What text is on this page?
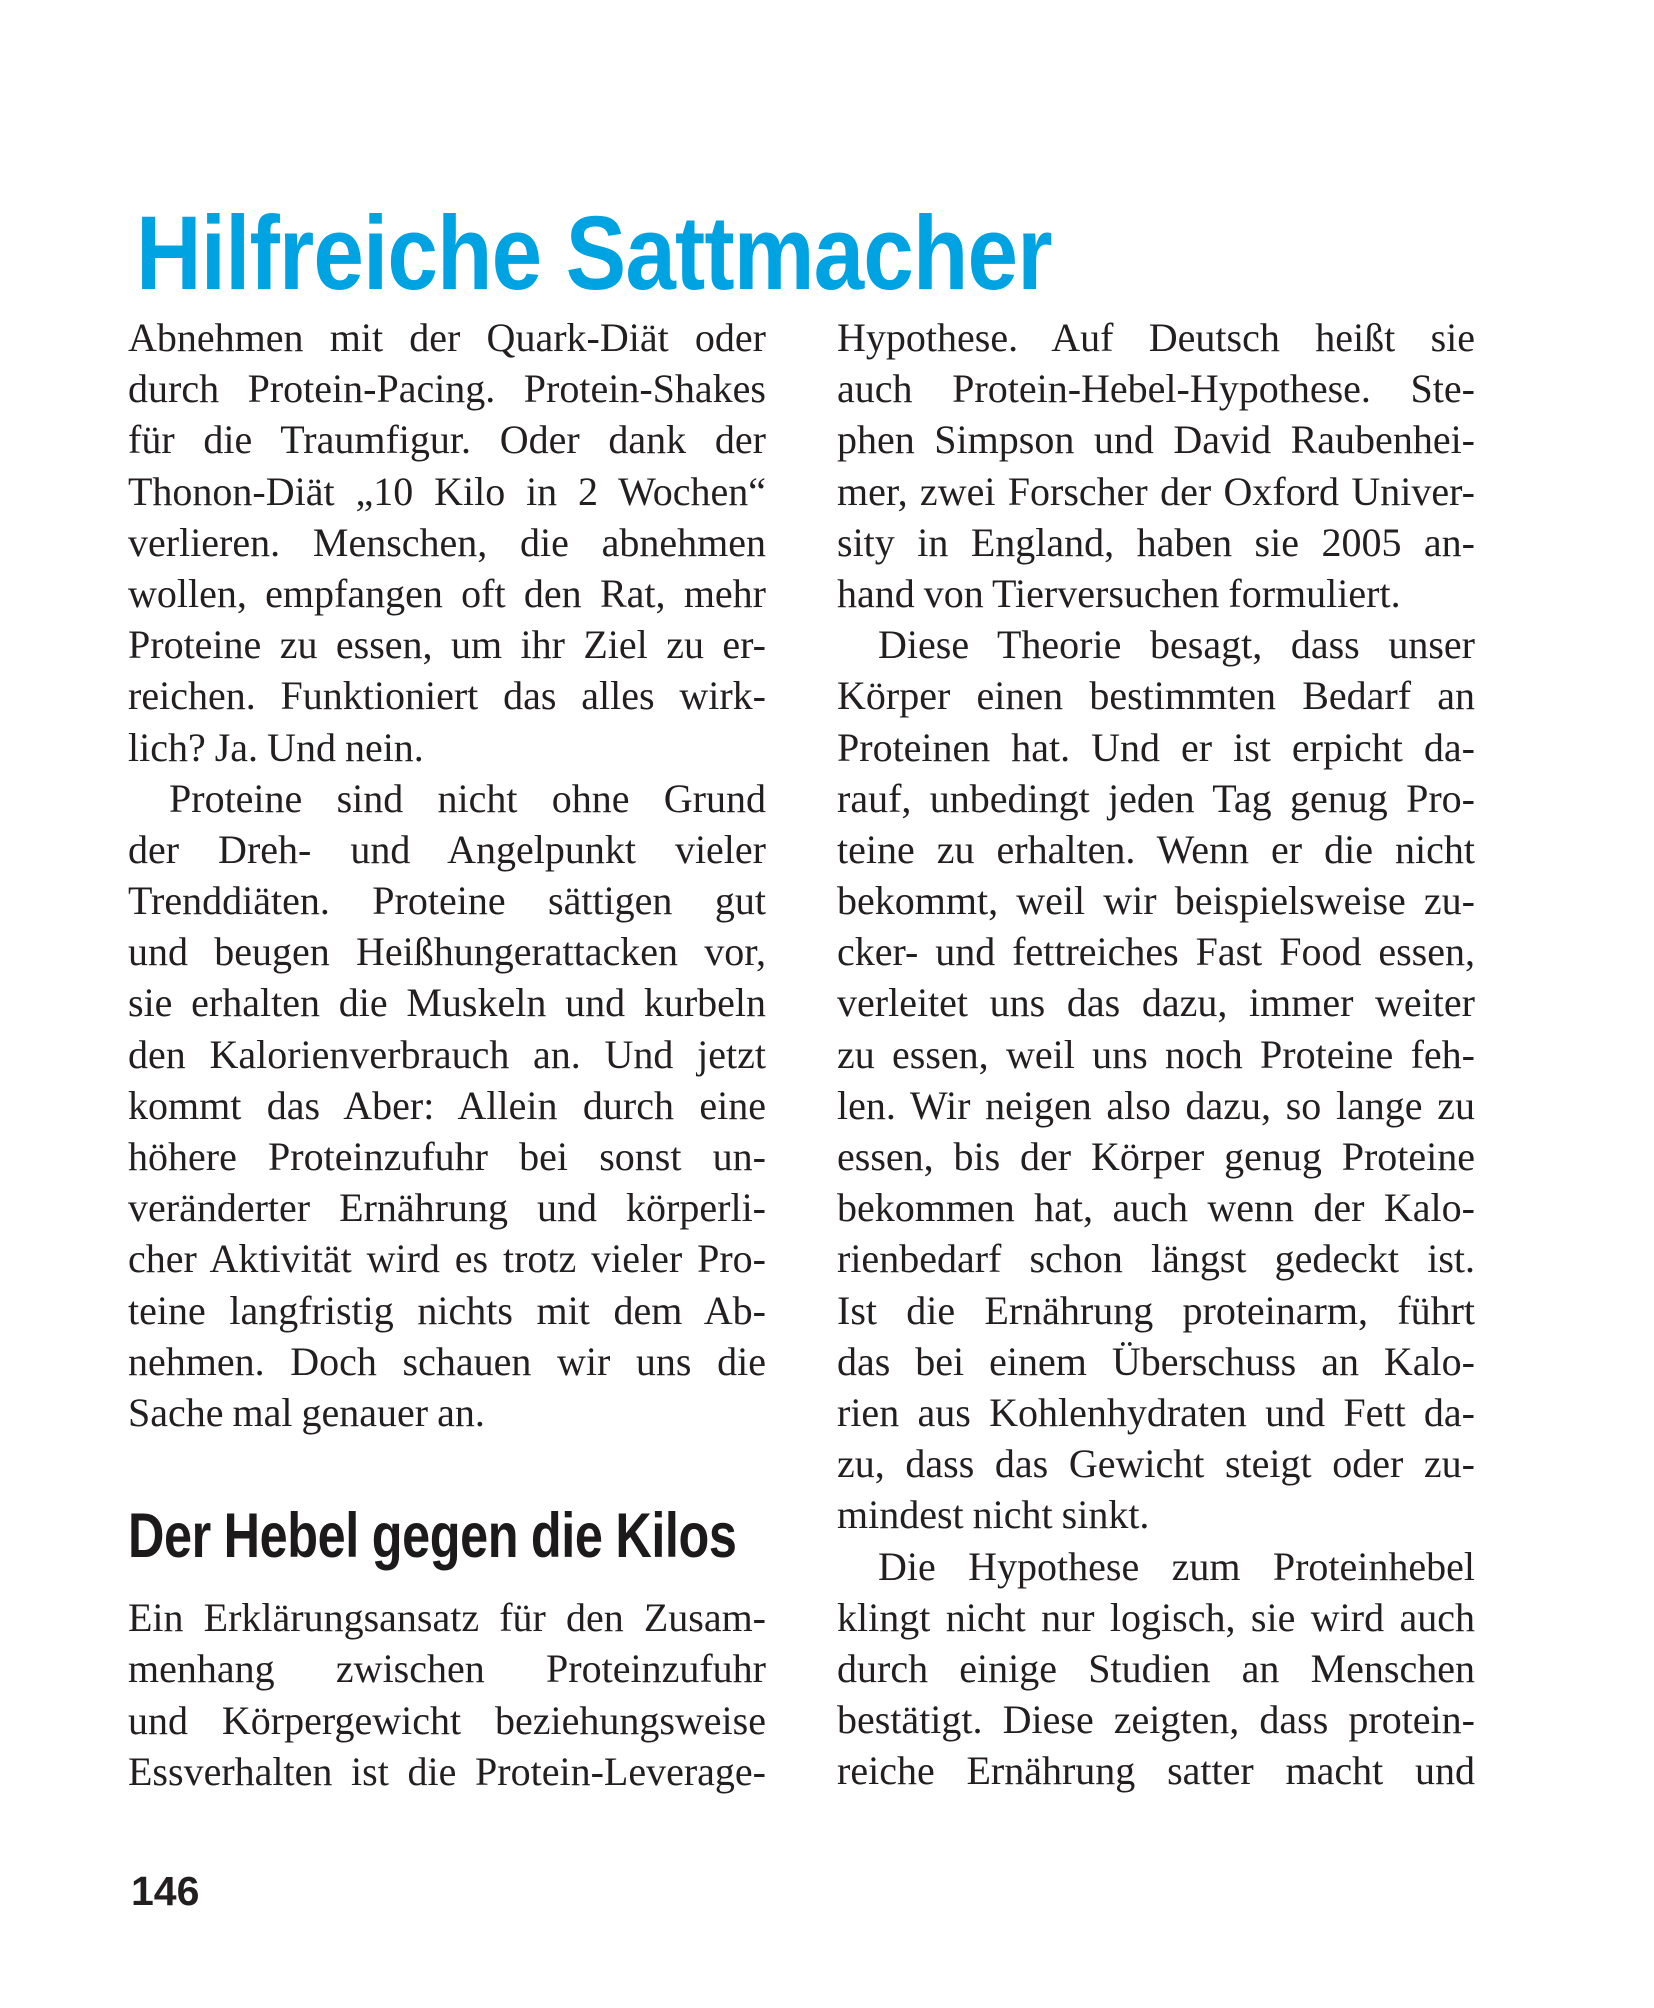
Hilfreiche Sattmacher
Abnehmen mit der Quark-Diät oder
durch Protein-Pacing. Protein-Shakes
für die Traumfigur. Oder dank der
Thonon-Diät „10 Kilo in 2 Wochen“
verlieren. Menschen, die abnehmen
wollen, empfangen oft den Rat, mehr
Proteine zu essen, um ihr Ziel zu er-
reichen. Funktioniert das alles wirk-
lich? Ja. Und nein.
Proteine sind nicht ohne Grund
der Dreh- und Angelpunkt vieler
Trenddiäten. Proteine sättigen gut
und beugen Heißhungerattacken vor,
sie erhalten die Muskeln und kurbeln
den Kalorienverbrauch an. Und jetzt
kommt das Aber: Allein durch eine
höhere Proteinzufuhr bei sonst un-
veränderter Ernährung und körperli-
cher Aktivität wird es trotz vieler Pro-
teine langfristig nichts mit dem Ab-
nehmen. Doch schauen wir uns die
Sache mal genauer an.
Der Hebel gegen die Kilos
Ein Erklärungsansatz für den Zusam-
menhang zwischen Proteinzufuhr
und Körpergewicht beziehungsweise
Essverhalten ist die Protein-Leverage-
Hypothese. Auf Deutsch heißt sie
auch Protein-Hebel-Hypothese. Ste-
phen Simpson und David Raubenhei-
mer, zwei Forscher der Oxford Univer-
sity in England, haben sie 2005 an-
hand von Tierversuchen formuliert.
Diese Theorie besagt, dass unser
Körper einen bestimmten Bedarf an
Proteinen hat. Und er ist erpicht da-
rauf, unbedingt jeden Tag genug Pro-
teine zu erhalten. Wenn er die nicht
bekommt, weil wir beispielsweise zu-
cker- und fettreiches Fast Food essen,
verleitet uns das dazu, immer weiter
zu essen, weil uns noch Proteine feh-
len. Wir neigen also dazu, so lange zu
essen, bis der Körper genug Proteine
bekommen hat, auch wenn der Kalo-
rienbedarf schon längst gedeckt ist.
Ist die Ernährung proteinarm, führt
das bei einem Überschuss an Kalo-
rien aus Kohlenhydraten und Fett da-
zu, dass das Gewicht steigt oder zu-
mindest nicht sinkt.
Die Hypothese zum Proteinhebel
klingt nicht nur logisch, sie wird auch
durch einige Studien an Menschen
bestätigt. Diese zeigten, dass protein-
reiche Ernährung satter macht und
146
